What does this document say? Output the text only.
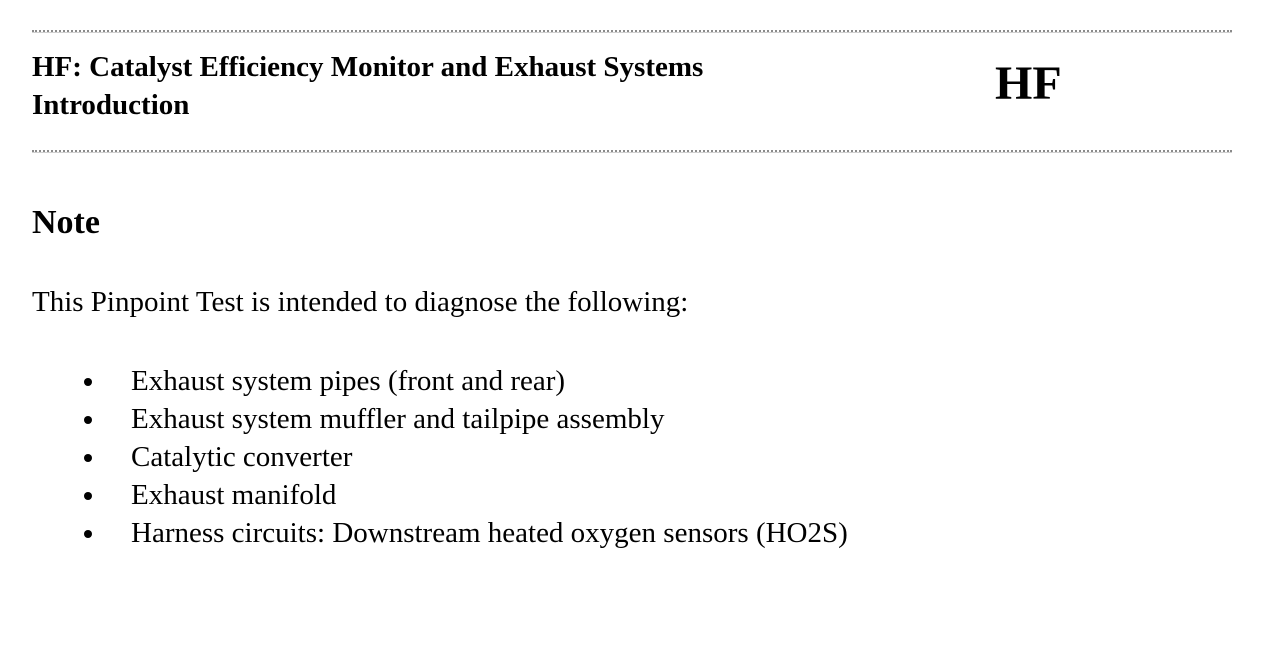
HF: Catalyst Efficiency Monitor and Exhaust Systems
Introduction	HF
Note
This Pinpoint Test is intended to diagnose the following:
Exhaust system pipes (front and rear)
Exhaust system muffler and tailpipe assembly
Catalytic converter
Exhaust manifold
Harness circuits: Downstream heated oxygen sensors (HO2S)
